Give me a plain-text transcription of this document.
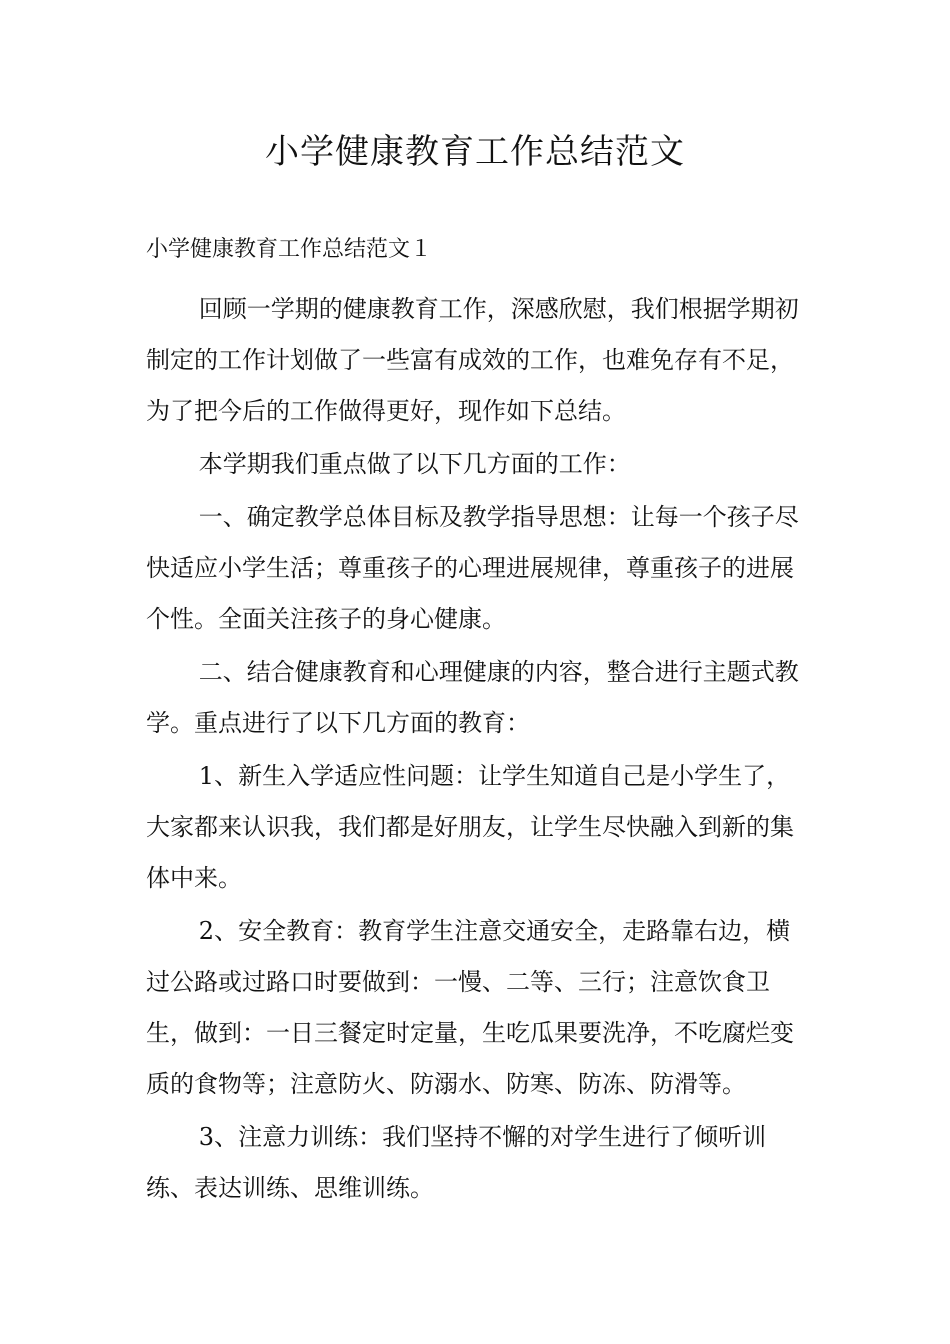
小学健康教育工作总结范文

小学健康教育工作总结范文１

回顾一学期的健康教育工作，深感欣慰，我们根据学期初制定的工作计划做了一些富有成效的工作，也难免存有不足，为了把今后的工作做得更好，现作如下总结。

本学期我们重点做了以下几方面的工作：

一、确定教学总体目标及教学指导思想：让每一个孩子尽快适应小学生活；尊重孩子的心理进展规律，尊重孩子的进展个性。全面关注孩子的身心健康。

二、结合健康教育和心理健康的内容，整合进行主题式教学。重点进行了以下几方面的教育：

1、新生入学适应性问题：让学生知道自己是小学生了，大家都来认识我，我们都是好朋友，让学生尽快融入到新的集体中来。

2、安全教育：教育学生注意交通安全，走路靠右边，横过公路或过路口时要做到：一慢、二等、三行；注意饮食卫生，做到：一日三餐定时定量，生吃瓜果要洗净，不吃腐烂变质的食物等；注意防火、防溺水、防寒、防冻、防滑等。

3、注意力训练：我们坚持不懈的对学生进行了倾听训练、表达训练、思维训练。
